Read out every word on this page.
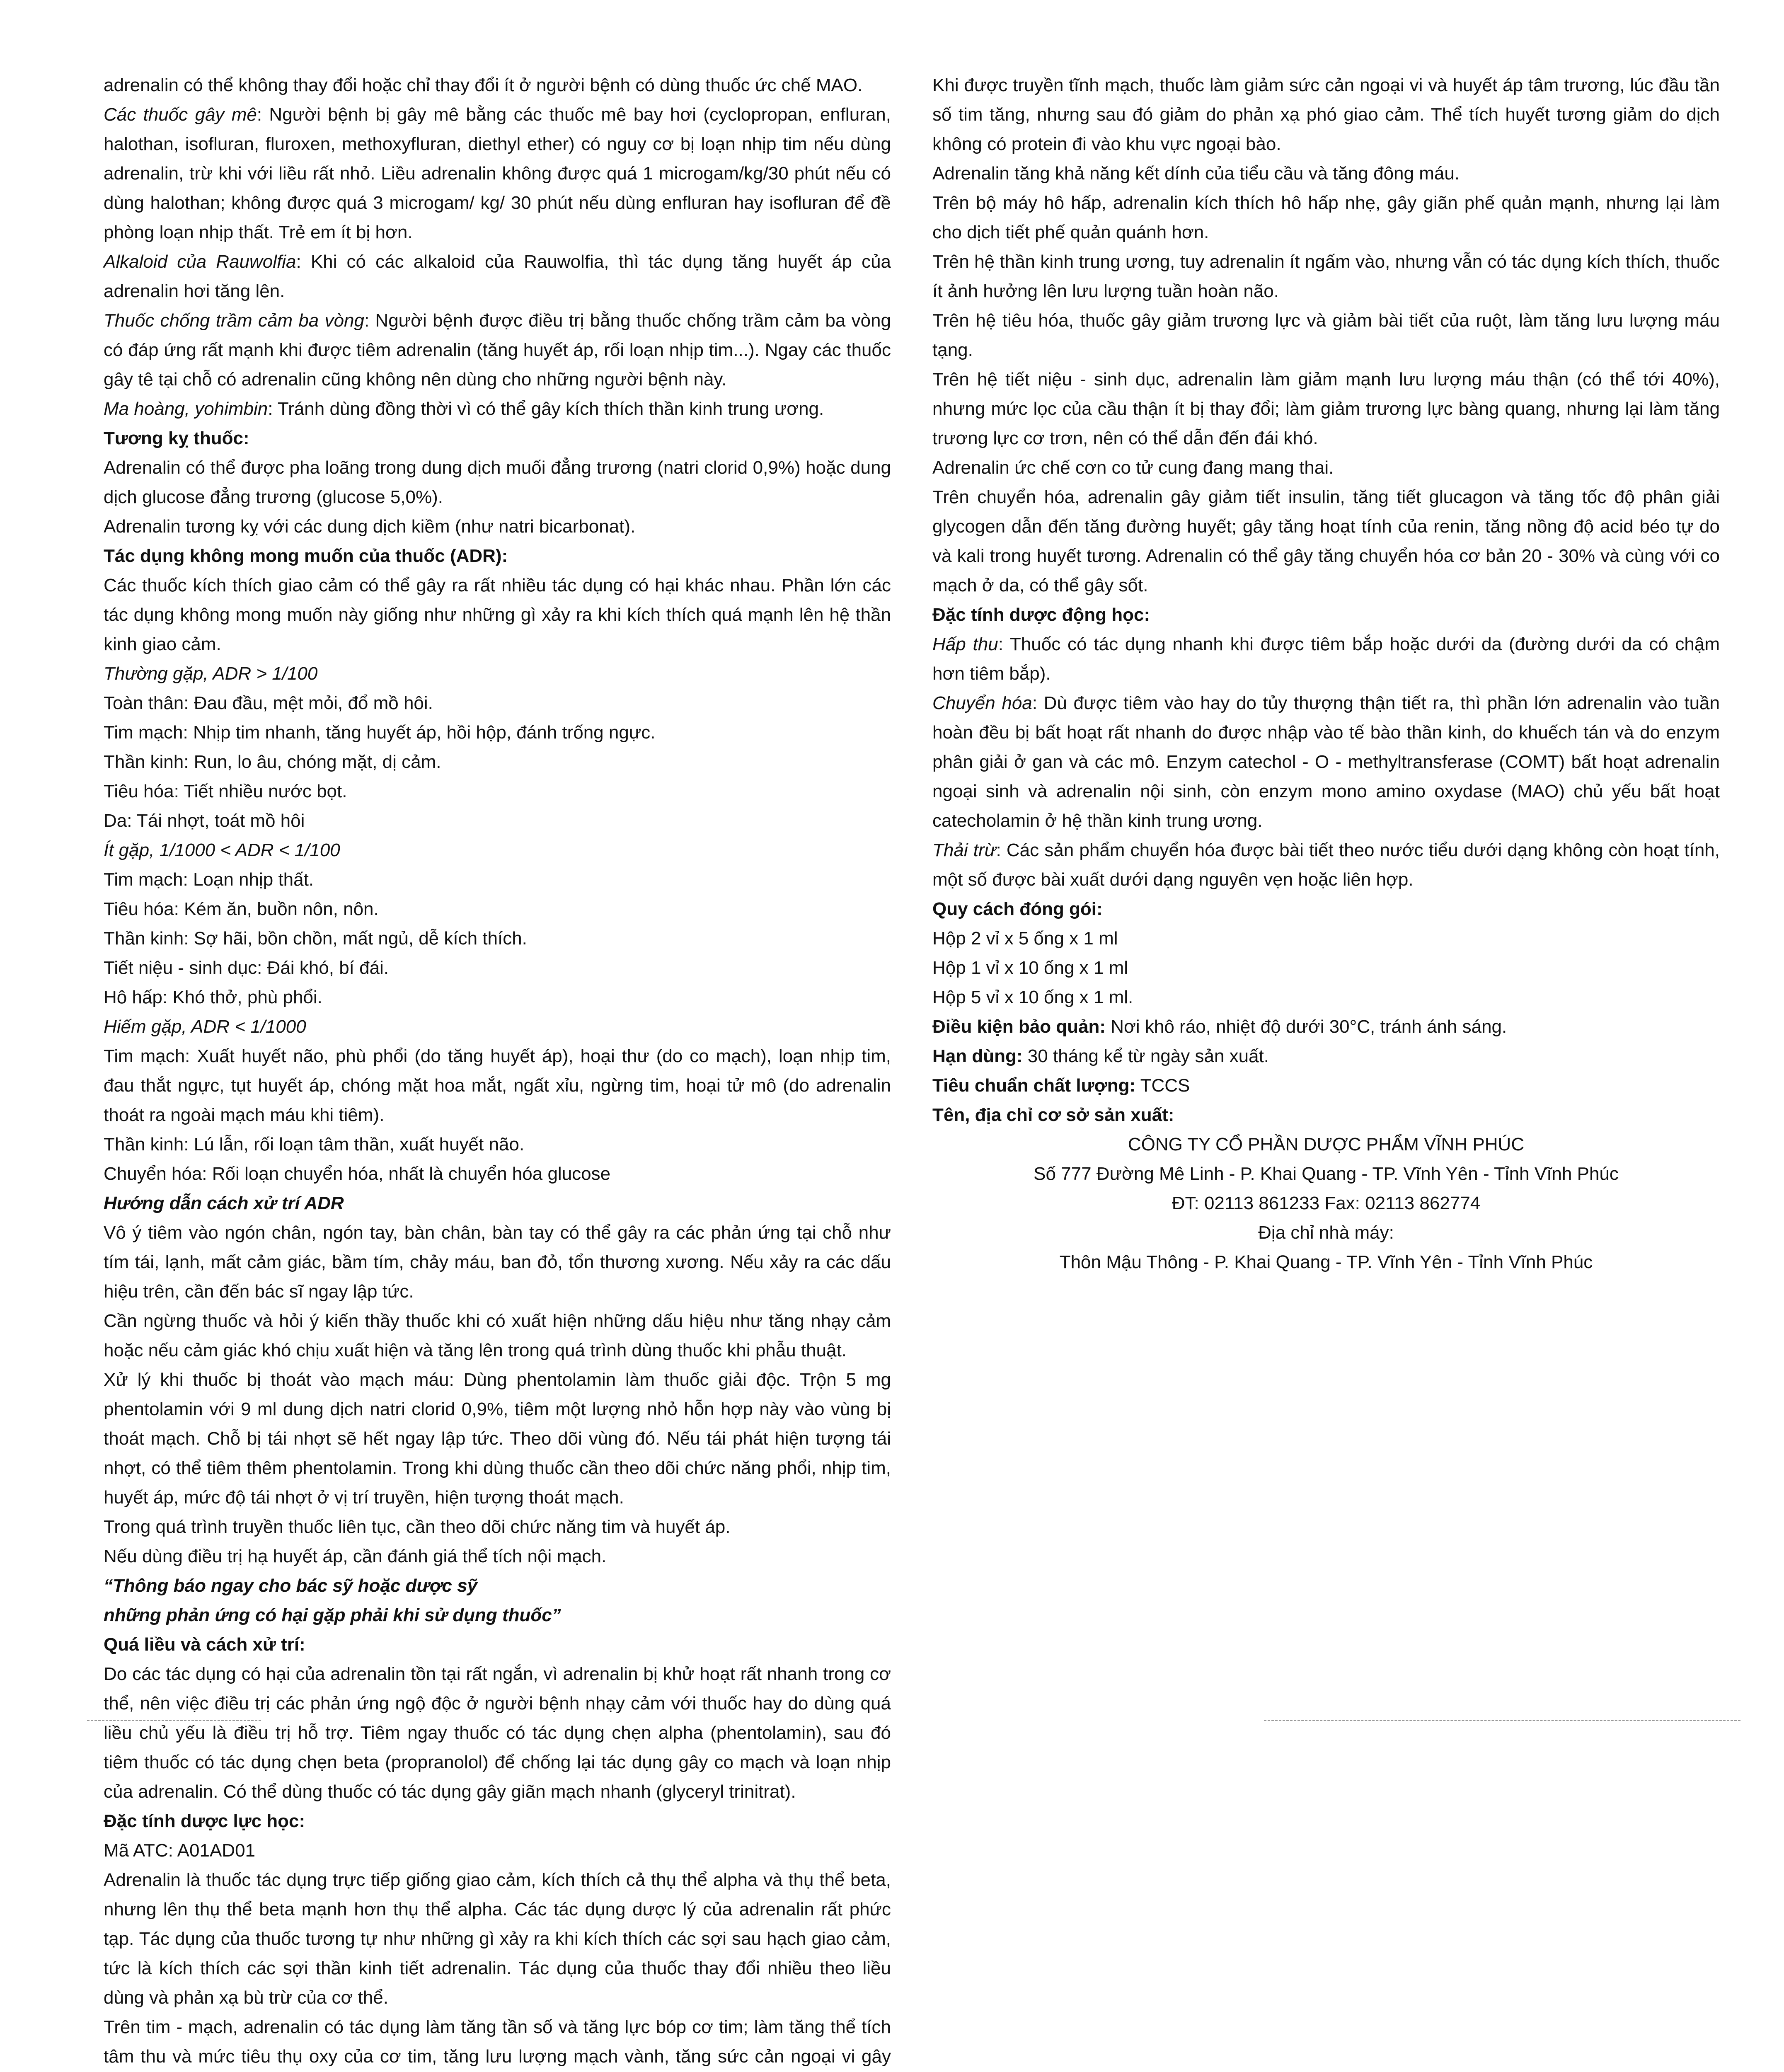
adrenalin có thể không thay đổi hoặc chỉ thay đổi ít ở người bệnh có dùng thuốc ức chế MAO.

Các thuốc gây mê: Người bệnh bị gây mê bằng các thuốc mê bay hơi (cyclopropan, enfluran, halothan, isofluran, fluroxen, methoxyfluran, diethyl ether) có nguy cơ bị loạn nhịp tim nếu dùng adrenalin, trừ khi với liều rất nhỏ. Liều adrenalin không được quá 1 microgam/kg/30 phút nếu có dùng halothan; không được quá 3 microgam/ kg/ 30 phút nếu dùng enfluran hay isofluran để đề phòng loạn nhịp thất. Trẻ em ít bị hơn.

Alkaloid của Rauwolfia: Khi có các alkaloid của Rauwolfia, thì tác dụng tăng huyết áp của adrenalin hơi tăng lên.

Thuốc chống trầm cảm ba vòng: Người bệnh được điều trị bằng thuốc chống trầm cảm ba vòng có đáp ứng rất mạnh khi được tiêm adrenalin (tăng huyết áp, rối loạn nhịp tim...). Ngay các thuốc gây tê tại chỗ có adrenalin cũng không nên dùng cho những người bệnh này.

Ma hoàng, yohimbin: Tránh dùng đồng thời vì có thể gây kích thích thần kinh trung ương.

Tương kỵ thuốc:

Adrenalin có thể được pha loãng trong dung dịch muối đẳng trương (natri clorid 0,9%) hoặc dung dịch glucose đẳng trương (glucose 5,0%).

Adrenalin tương kỵ với các dung dịch kiềm (như natri bicarbonat).

Tác dụng không mong muốn của thuốc (ADR):

Các thuốc kích thích giao cảm có thể gây ra rất nhiều tác dụng có hại khác nhau. Phần lớn các tác dụng không mong muốn này giống như những gì xảy ra khi kích thích quá mạnh lên hệ thần kinh giao cảm.

Thường gặp, ADR > 1/100

Toàn thân: Đau đầu, mệt mỏi, đổ mồ hôi.

Tim mạch: Nhịp tim nhanh, tăng huyết áp, hồi hộp, đánh trống ngực.

Thần kinh: Run, lo âu, chóng mặt, dị cảm.

Tiêu hóa: Tiết nhiều nước bọt.

Da: Tái nhợt, toát mồ hôi

Ít gặp, 1/1000 < ADR < 1/100

Tim mạch: Loạn nhịp thất.

Tiêu hóa: Kém ăn, buồn nôn, nôn.

Thần kinh: Sợ hãi, bồn chồn, mất ngủ, dễ kích thích.

Tiết niệu - sinh dục: Đái khó, bí đái.

Hô hấp: Khó thở, phù phổi.

Hiếm gặp, ADR < 1/1000

Tim mạch: Xuất huyết não, phù phổi (do tăng huyết áp), hoại thư (do co mạch), loạn nhịp tim, đau thắt ngực, tụt huyết áp, chóng mặt hoa mắt, ngất xỉu, ngừng tim, hoại tử mô (do adrenalin thoát ra ngoài mạch máu khi tiêm).

Thần kinh: Lú lẫn, rối loạn tâm thần, xuất huyết não.

Chuyển hóa: Rối loạn chuyển hóa, nhất là chuyển hóa glucose

Hướng dẫn cách xử trí ADR

Vô ý tiêm vào ngón chân, ngón tay, bàn chân, bàn tay có thể gây ra các phản ứng tại chỗ như tím tái, lạnh, mất cảm giác, bầm tím, chảy máu, ban đỏ, tổn thương xương. Nếu xảy ra các dấu hiệu trên, cần đến bác sĩ ngay lập tức.

Cần ngừng thuốc và hỏi ý kiến thầy thuốc khi có xuất hiện những dấu hiệu như tăng nhạy cảm hoặc nếu cảm giác khó chịu xuất hiện và tăng lên trong quá trình dùng thuốc khi phẫu thuật.

Xử lý khi thuốc bị thoát vào mạch máu: Dùng phentolamin làm thuốc giải độc. Trộn 5 mg phentolamin với 9 ml dung dịch natri clorid 0,9%, tiêm một lượng nhỏ hỗn hợp này vào vùng bị thoát mạch. Chỗ bị tái nhợt sẽ hết ngay lập tức. Theo dõi vùng đó. Nếu tái phát hiện tượng tái nhợt, có thể tiêm thêm phentolamin. Trong khi dùng thuốc cần theo dõi chức năng phổi, nhịp tim, huyết áp, mức độ tái nhợt ở vị trí truyền, hiện tượng thoát mạch.

Trong quá trình truyền thuốc liên tục, cần theo dõi chức năng tim và huyết áp.

Nếu dùng điều trị hạ huyết áp, cần đánh giá thể tích nội mạch.

“Thông báo ngay cho bác sỹ hoặc dược sỹ

những phản ứng có hại gặp phải khi sử dụng thuốc”

Quá liều và cách xử trí:

Do các tác dụng có hại của adrenalin tồn tại rất ngắn, vì adrenalin bị khử hoạt rất nhanh trong cơ thể, nên việc điều trị các phản ứng ngộ độc ở người bệnh nhạy cảm với thuốc hay do dùng quá liều chủ yếu là điều trị hỗ trợ. Tiêm ngay thuốc có tác dụng chẹn alpha (phentolamin), sau đó tiêm thuốc có tác dụng chẹn beta (propranolol) để chống lại tác dụng gây co mạch và loạn nhịp của adrenalin. Có thể dùng thuốc có tác dụng gây giãn mạch nhanh (glyceryl trinitrat).

Đặc tính dược lực học:

Mã ATC: A01AD01

Adrenalin là thuốc tác dụng trực tiếp giống giao cảm, kích thích cả thụ thể alpha và thụ thể beta, nhưng lên thụ thể beta mạnh hơn thụ thể alpha. Các tác dụng dược lý của adrenalin rất phức tạp. Tác dụng của thuốc tương tự như những gì xảy ra khi kích thích các sợi sau hạch giao cảm, tức là kích thích các sợi thần kinh tiết adrenalin. Tác dụng của thuốc thay đổi nhiều theo liều dùng và phản xạ bù trừ của cơ thể.

Trên tim - mạch, adrenalin có tác dụng làm tăng tần số và tăng lực bóp cơ tim; làm tăng thể tích tâm thu và mức tiêu thụ oxy của cơ tim, tăng lưu lượng mạch vành, tăng sức cản ngoại vi gây

Khi được truyền tĩnh mạch, thuốc làm giảm sức cản ngoại vi và huyết áp tâm trương, lúc đầu tần số tim tăng, nhưng sau đó giảm do phản xạ phó giao cảm. Thể tích huyết tương giảm do dịch không có protein đi vào khu vực ngoại bào.

Adrenalin tăng khả năng kết dính của tiểu cầu và tăng đông máu.

Trên bộ máy hô hấp, adrenalin kích thích hô hấp nhẹ, gây giãn phế quản mạnh, nhưng lại làm cho dịch tiết phế quản quánh hơn.

Trên hệ thần kinh trung ương, tuy adrenalin ít ngấm vào, nhưng vẫn có tác dụng kích thích, thuốc ít ảnh hưởng lên lưu lượng tuần hoàn não.

Trên hệ tiêu hóa, thuốc gây giảm trương lực và giảm bài tiết của ruột, làm tăng lưu lượng máu tạng.

Trên hệ tiết niệu - sinh dục, adrenalin làm giảm mạnh lưu lượng máu thận (có thể tới 40%), nhưng mức lọc của cầu thận ít bị thay đổi; làm giảm trương lực bàng quang, nhưng lại làm tăng trương lực cơ trơn, nên có thể dẫn đến đái khó.

Adrenalin ức chế cơn co tử cung đang mang thai.

Trên chuyển hóa, adrenalin gây giảm tiết insulin, tăng tiết glucagon và tăng tốc độ phân giải glycogen dẫn đến tăng đường huyết; gây tăng hoạt tính của renin, tăng nồng độ acid béo tự do và kali trong huyết tương. Adrenalin có thể gây tăng chuyển hóa cơ bản 20 - 30% và cùng với co mạch ở da, có thể gây sốt.

Đặc tính dược động học:

Hấp thu: Thuốc có tác dụng nhanh khi được tiêm bắp hoặc dưới da (đường dưới da có chậm hơn tiêm bắp).

Chuyển hóa: Dù được tiêm vào hay do tủy thượng thận tiết ra, thì phần lớn adrenalin vào tuần hoàn đều bị bất hoạt rất nhanh do được nhập vào tế bào thần kinh, do khuếch tán và do enzym phân giải ở gan và các mô. Enzym catechol - O - methyltransferase (COMT) bất hoạt adrenalin ngoại sinh và adrenalin nội sinh, còn enzym mono amino oxydase (MAO) chủ yếu bất hoạt catecholamin ở hệ thần kinh trung ương.

Thải trừ: Các sản phẩm chuyển hóa được bài tiết theo nước tiểu dưới dạng không còn hoạt tính, một số được bài xuất dưới dạng nguyên vẹn hoặc liên hợp.

Quy cách đóng gói:

Hộp 2 vỉ x 5 ống x 1 ml

Hộp 1 vỉ x 10 ống x 1 ml

Hộp 5 vỉ x 10 ống x 1 ml.

Điều kiện bảo quản: Nơi khô ráo, nhiệt độ dưới 30°C, tránh ánh sáng.

Hạn dùng: 30 tháng kể từ ngày sản xuất.

Tiêu chuẩn chất lượng: TCCS

Tên, địa chỉ cơ sở sản xuất:

CÔNG TY CỔ PHẦN DƯỢC PHẨM VĨNH PHÚC

Số 777 Đường Mê Linh - P. Khai Quang - TP. Vĩnh Yên - Tỉnh Vĩnh Phúc

ĐT: 02113 861233 Fax: 02113 862774

Địa chỉ nhà máy:

Thôn Mậu Thông - P. Khai Quang - TP. Vĩnh Yên - Tỉnh Vĩnh Phúc
